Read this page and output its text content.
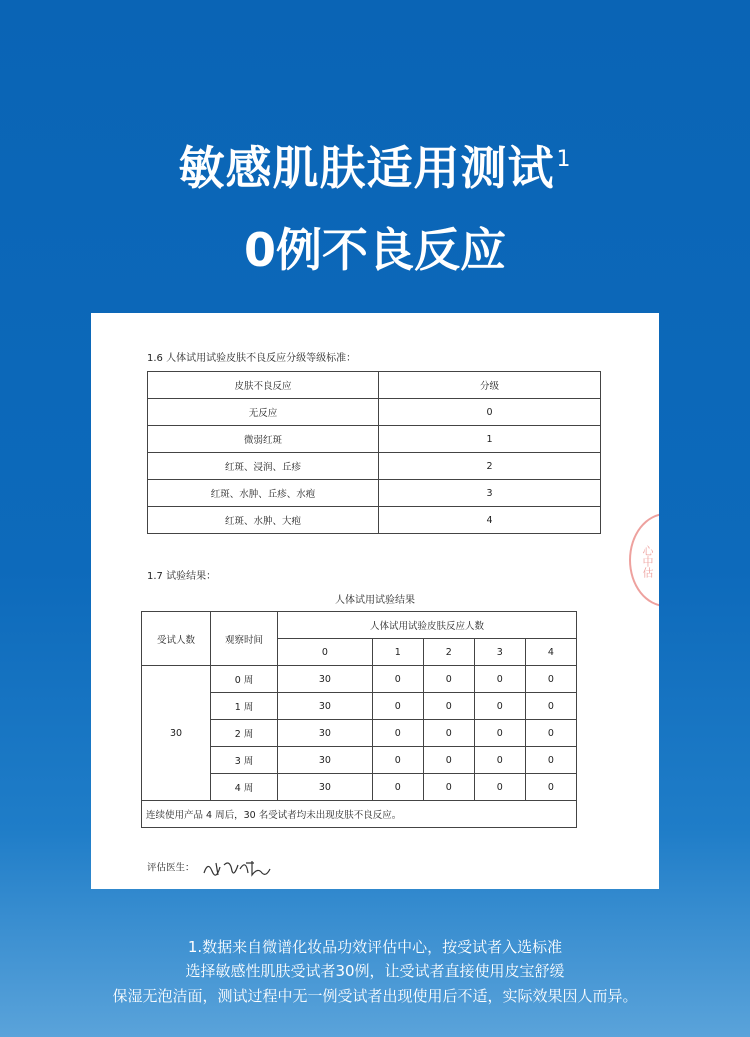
敏感肌肤适用测试$^1$
0例不良反应
1.6 人体试用试验皮肤不良反应分级等级标准：
皮肤不良反应	分级
无反应	0
微弱红斑	1
红斑、浸润、丘疹	2
红斑、水肿、丘疹、水疱	3
红斑、水肿、大疱	4
心中估
1.7 试验结果：
人体试用试验结果
受试人数	观察时间	人体试用试验皮肤反应人数				
		0	1	2	3	4
30	0 周	30	0	0	0	0
	1 周	30	0	0	0	0
	2 周	30	0	0	0	0
	3 周	30	0	0	0	0
	4 周	30	0	0	0	0
连续使用产品 4 周后，30 名受试者均未出现皮肤不良反应。						
评估医生：
1.数据来自微谱化妆品功效评估中心，按受试者入选标准
选择敏感性肌肤受试者30例，让受试者直接使用皮宝舒缓
保湿无泡洁面，测试过程中无一例受试者出现使用后不适，实际效果因人而异。
